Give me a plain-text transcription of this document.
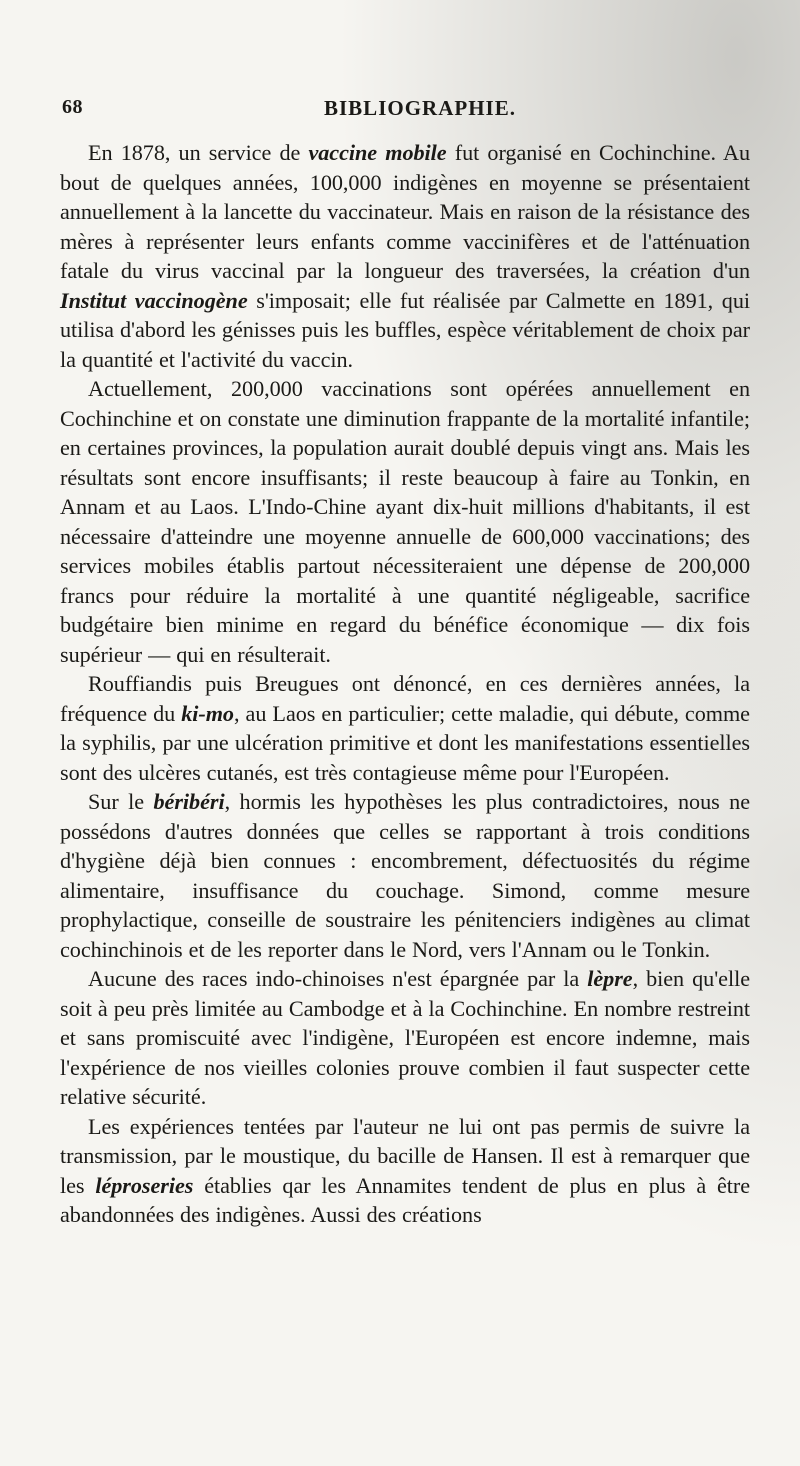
68	BIBLIOGRAPHIE.

En 1878, un service de vaccine mobile fut organisé en Cochinchine. Au bout de quelques années, 100,000 indigènes en moyenne se présentaient annuellement à la lancette du vaccinateur. Mais en raison de la résistance des mères à représenter leurs enfants comme vaccinifères et de l'atténuation fatale du virus vaccinal par la longueur des traversées, la création d'un Institut vaccinogène s'imposait; elle fut réalisée par Calmette en 1891, qui utilisa d'abord les génisses puis les buffles, espèce véritablement de choix par la quantité et l'activité du vaccin.

Actuellement, 200,000 vaccinations sont opérées annuellement en Cochinchine et on constate une diminution frappante de la mortalité infantile; en certaines provinces, la population aurait doublé depuis vingt ans. Mais les résultats sont encore insuffisants; il reste beaucoup à faire au Tonkin, en Annam et au Laos. L'Indo-Chine ayant dix-huit millions d'habitants, il est nécessaire d'atteindre une moyenne annuelle de 600,000 vaccinations; des services mobiles établis partout nécessiteraient une dépense de 200,000 francs pour réduire la mortalité à une quantité négligeable, sacrifice budgétaire bien minime en regard du bénéfice économique — dix fois supérieur — qui en résulterait.

Rouffiandis puis Breugues ont dénoncé, en ces dernières années, la fréquence du ki-mo, au Laos en particulier; cette maladie, qui débute, comme la syphilis, par une ulcération primitive et dont les manifestations essentielles sont des ulcères cutanés, est très contagieuse même pour l'Européen.

Sur le béribéri, hormis les hypothèses les plus contradictoires, nous ne possédons d'autres données que celles se rapportant à trois conditions d'hygiène déjà bien connues : encombrement, défectuosités du régime alimentaire, insuffisance du couchage. Simond, comme mesure prophylactique, conseille de soustraire les pénitenciers indigènes au climat cochinchinois et de les reporter dans le Nord, vers l'Annam ou le Tonkin.

Aucune des races indo-chinoises n'est épargnée par la lèpre, bien qu'elle soit à peu près limitée au Cambodge et à la Cochinchine. En nombre restreint et sans promiscuité avec l'indigène, l'Européen est encore indemne, mais l'expérience de nos vieilles colonies prouve combien il faut suspecter cette relative sécurité.

Les expériences tentées par l'auteur ne lui ont pas permis de suivre la transmission, par le moustique, du bacille de Hansen. Il est à remarquer que les léproseries établies qar les Annamites tendent de plus en plus à être abandonnées des indigènes. Aussi des créations
